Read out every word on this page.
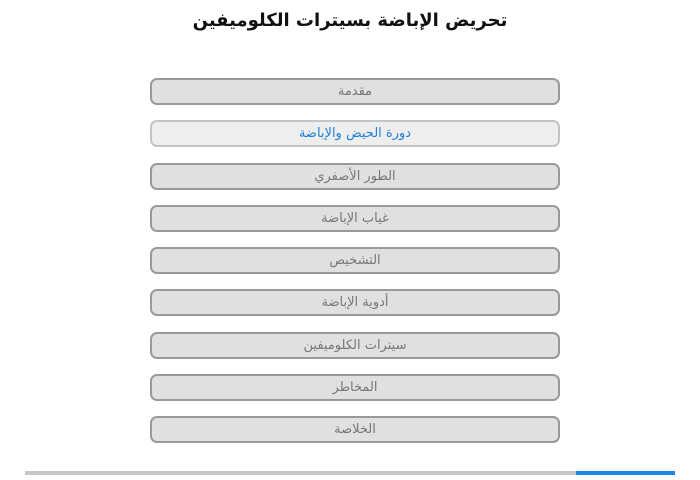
تحريض الإباضة بسيترات الكلوميفين
مقدمة
دورة الحيض والإباضة
الطور الأصفري
غياب الإباضة
التشخيص
أدوية الإباضة
سيترات الكلوميفين
المخاطر
الخلاصة
